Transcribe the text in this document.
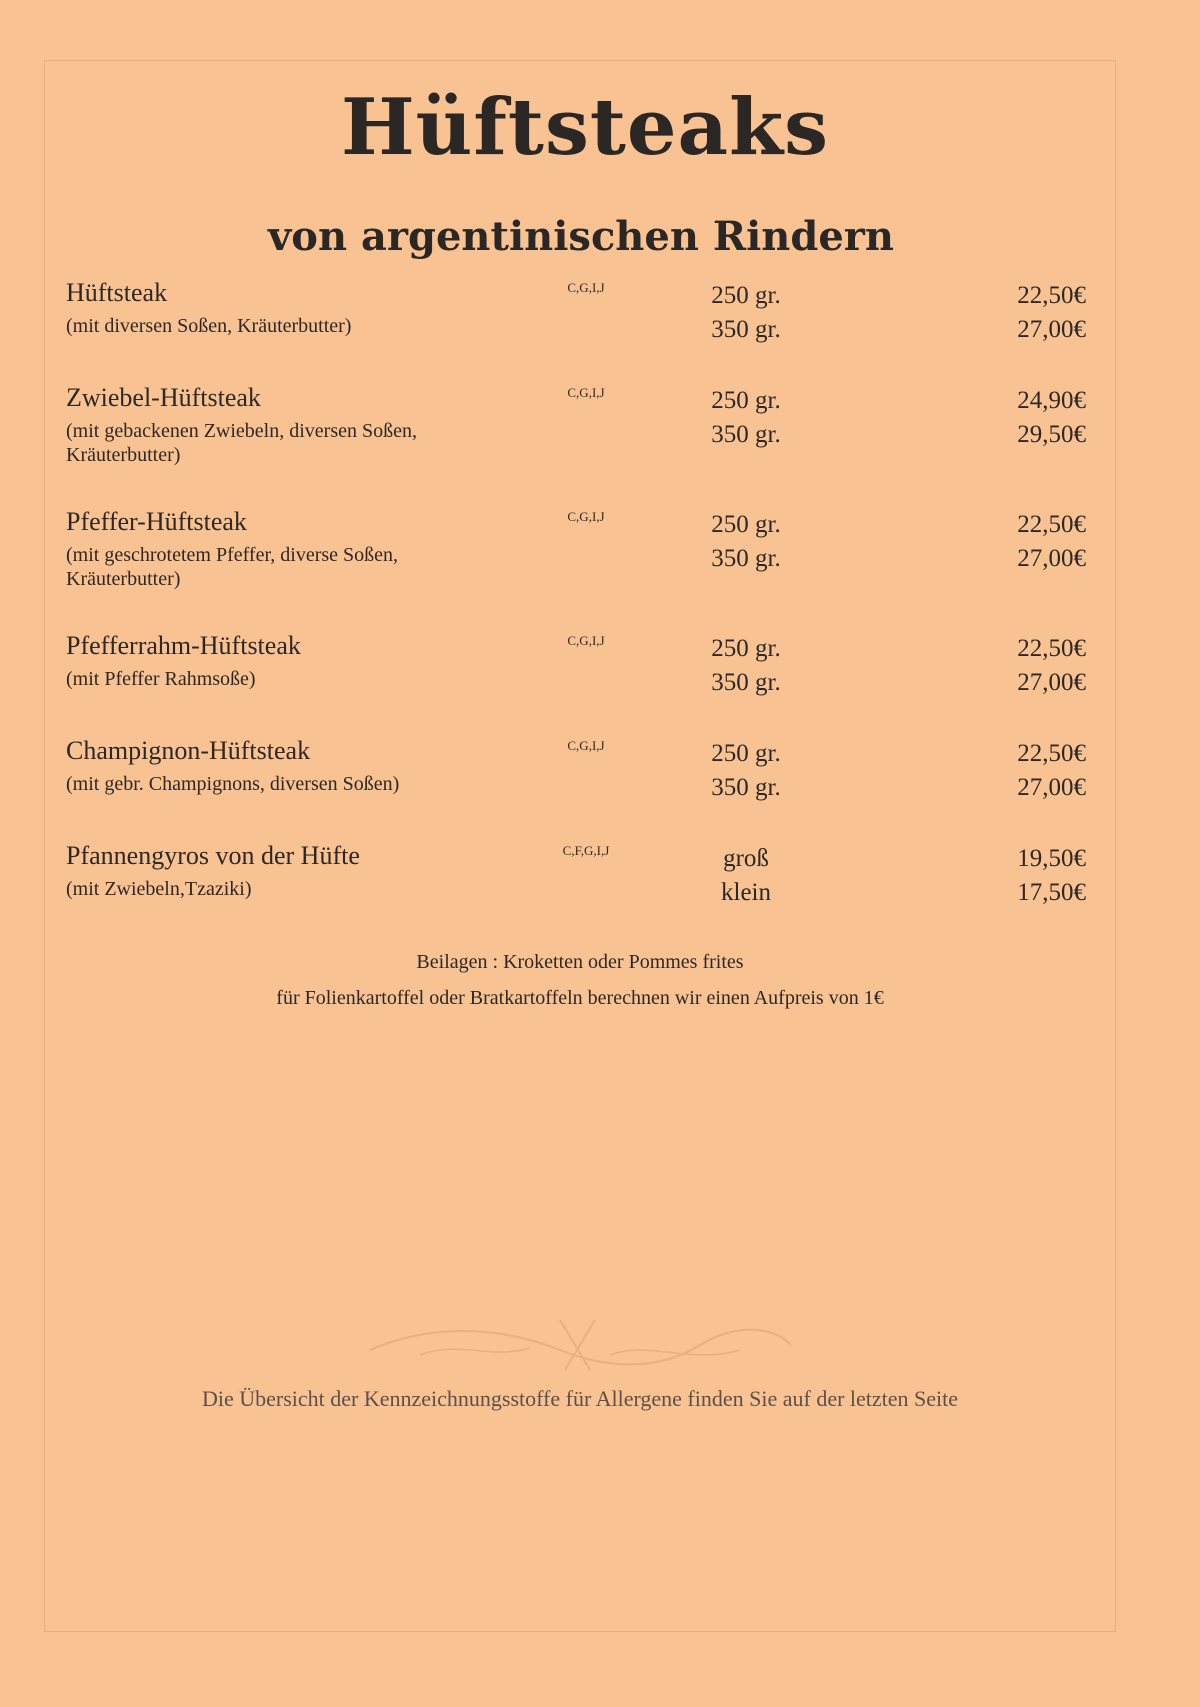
Hüftsteaks
von argentinischen Rindern
Hüftsteak
(mit diversen Soßen, Kräuterbutter)
C,G,I,J	250 gr.	22,50€
350 gr.	27,00€
Zwiebel-Hüftsteak
(mit gebackenen Zwiebeln, diversen Soßen, Kräuterbutter)
C,G,I,J	250 gr.	24,90€
350 gr.	29,50€
Pfeffer-Hüftsteak
(mit geschrotetem Pfeffer, diverse Soßen, Kräuterbutter)
C,G,I,J	250 gr.	22,50€
350 gr.	27,00€
Pfefferrahm-Hüftsteak
(mit Pfeffer Rahmsoße)
C,G,I,J	250 gr.	22,50€
350 gr.	27,00€
Champignon-Hüftsteak
(mit gebr. Champignons, diversen Soßen)
C,G,I,J	250 gr.	22,50€
350 gr.	27,00€
Pfannengyros von der Hüfte
(mit Zwiebeln,Tzaziki)
C,F,G,I,J	groß	19,50€
klein	17,50€
Beilagen : Kroketten oder Pommes frites
für Folienkartoffel oder Bratkartoffeln berechnen wir einen Aufpreis von 1€
Die Übersicht der Kennzeichnungsstoffe für Allergene finden Sie auf der letzten Seite
